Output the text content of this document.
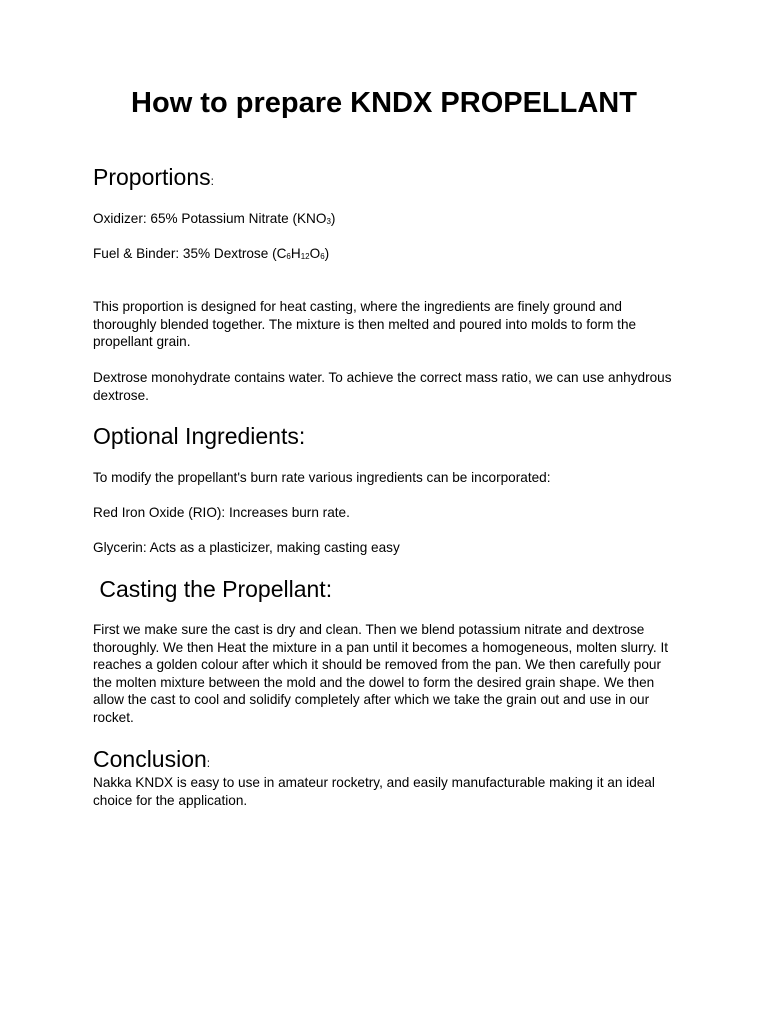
How to prepare KNDX PROPELLANT
Proportions:

Oxidizer: 65% Potassium Nitrate (KNO3)

Fuel & Binder: 35% Dextrose (C6H12O6)

This proportion is designed for heat casting, where the ingredients are finely ground and thoroughly blended together. The mixture is then melted and poured into molds to form the propellant grain.

Dextrose monohydrate contains water. To achieve the correct mass ratio, we can use anhydrous dextrose.

Optional Ingredients:

To modify the propellant's burn rate various ingredients can be incorporated:

Red Iron Oxide (RIO): Increases burn rate.

Glycerin: Acts as a plasticizer, making casting easy

Casting the Propellant:

First we make sure the cast is dry and clean. Then we blend potassium nitrate and dextrose thoroughly. We then Heat the mixture in a pan until it becomes a homogeneous, molten slurry. It reaches a golden colour after which it should be removed from the pan. We then carefully pour the molten mixture between the mold and the dowel to form the desired grain shape. We then allow the cast to cool and solidify completely after which we take the grain out and use in our rocket.

Conclusion:

Nakka KNDX is easy to use in amateur rocketry, and easily manufacturable making it an ideal choice for the application.
